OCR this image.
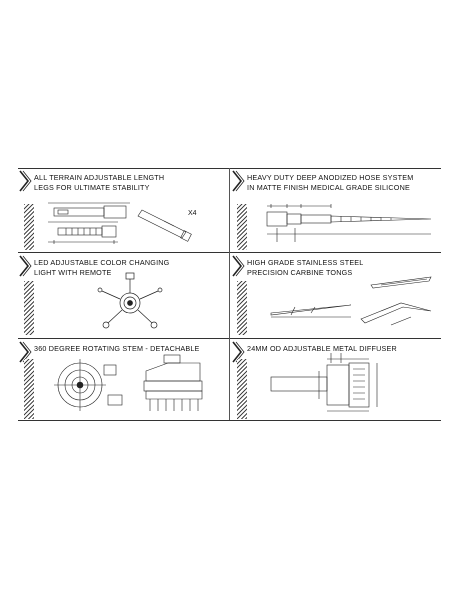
ALL TERRAIN ADJUSTABLE LENGTH
LEGS FOR ULTIMATE STABILITY
X4
HEAVY DUTY DEEP ANODIZED HOSE SYSTEM
IN MATTE FINISH MEDICAL GRADE SILICONE
LED ADJUSTABLE COLOR CHANGING
LIGHT WITH REMOTE
HIGH GRADE STAINLESS STEEL
PRECISION CARBINE TONGS
360 DEGREE ROTATING STEM - DETACHABLE	24MM OD ADJUSTABLE METAL DIFFUSER
